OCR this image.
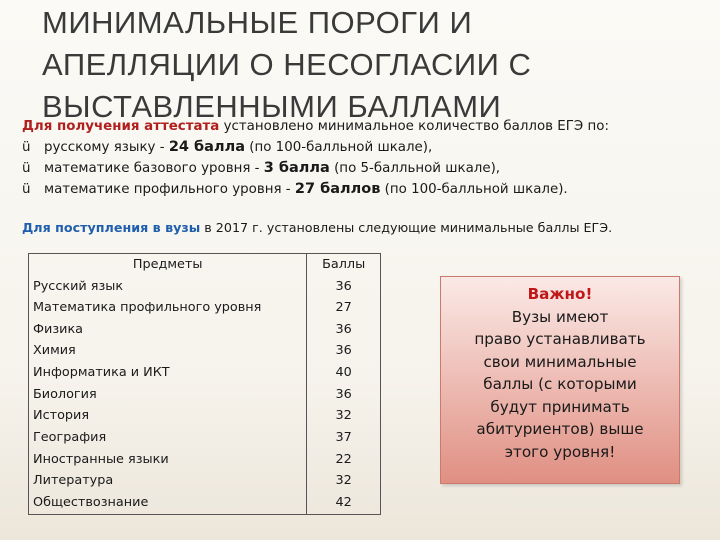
МИНИМАЛЬНЫЕ ПОРОГИ И
АПЕЛЛЯЦИИ О НЕСОГЛАСИИ С
ВЫСТАВЛЕННЫМИ БАЛЛАМИ
Для получения аттестата установлено минимальное количество баллов ЕГЭ по:
ü русскому языку - 24 балла (по 100-балльной шкале),
ü математике базового уровня - 3 балла (по 5-балльной шкале),
ü математике профильного уровня - 27 баллов (по 100-балльной шкале).
Для поступления в вузы в 2017 г. установлены следующие минимальные баллы ЕГЭ.
Предметы	Баллы
Русский язык	36
Математика профильного уровня	27
Физика	36
Химия	36
Информатика и ИКТ	40
Биология	36
История	32
География	37
Иностранные языки	22
Литература	32
Обществознание	42
Важно!
Вузы имеют
право устанавливать
свои минимальные
баллы (с которыми
будут принимать
абитуриентов) выше
этого уровня!
